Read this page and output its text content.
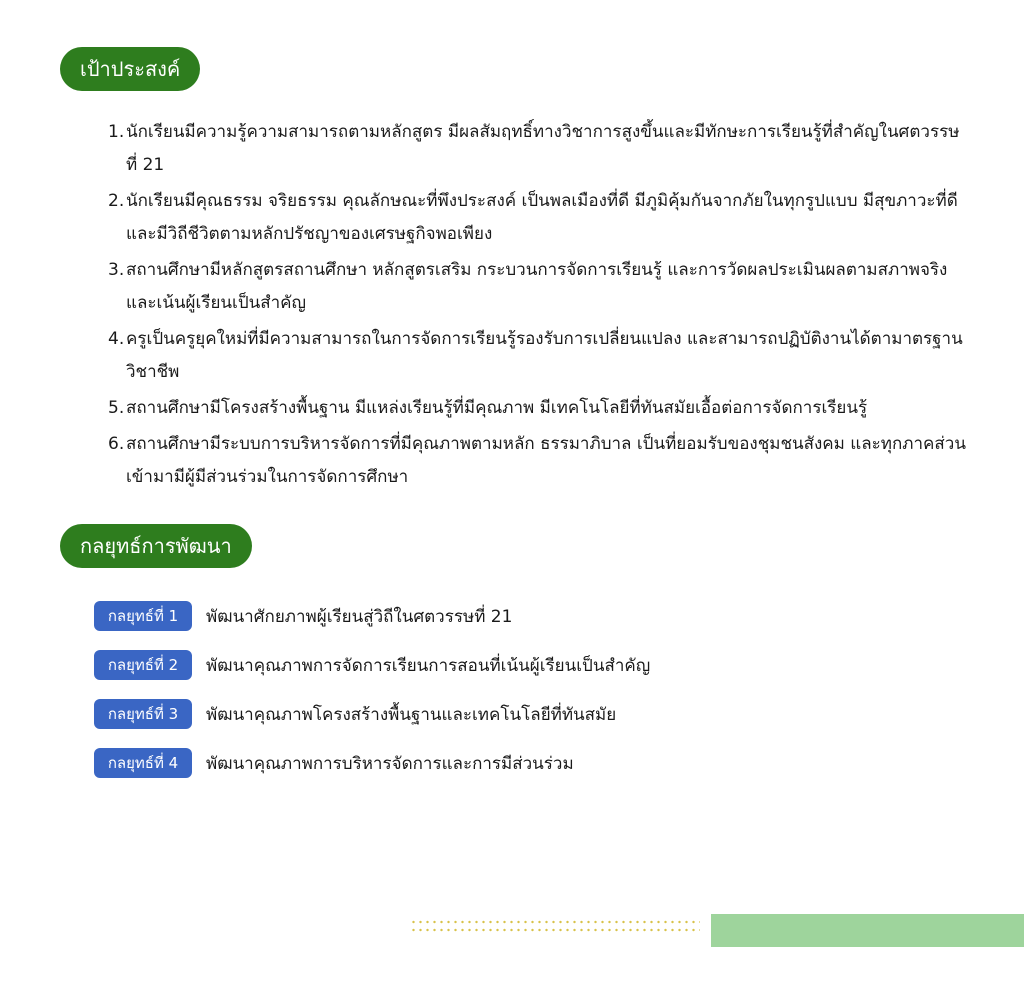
เป้าประสงค์
1. นักเรียนมีความรู้ความสามารถตามหลักสูตร มีผลสัมฤทธิ์ทางวิชาการสูงขึ้นและมีทักษะการเรียนรู้ที่สำคัญในศตวรรษที่ 21
2. นักเรียนมีคุณธรรม จริยธรรม คุณลักษณะที่พึงประสงค์ เป็นพลเมืองที่ดี มีภูมิคุ้มกันจากภัยในทุกรูปแบบ มีสุขภาวะที่ดี และมีวิถีชีวิตตามหลักปรัชญาของเศรษฐกิจพอเพียง
3. สถานศึกษามีหลักสูตรสถานศึกษา หลักสูตรเสริม กระบวนการจัดการเรียนรู้ และการวัดผลประเมินผลตามสภาพจริงและเน้นผู้เรียนเป็นสำคัญ
4. ครูเป็นครูยุคใหม่ที่มีความสามารถในการจัดการเรียนรู้รองรับการเปลี่ยนแปลง และสามารถปฏิบัติงานได้ตามาตรฐานวิชาชีพ
5. สถานศึกษามีโครงสร้างพื้นฐาน มีแหล่งเรียนรู้ที่มีคุณภาพ มีเทคโนโลยีที่ทันสมัยเอื้อต่อการจัดการเรียนรู้
6. สถานศึกษามีระบบการบริหารจัดการที่มีคุณภาพตามหลัก ธรรมาภิบาล เป็นที่ยอมรับของชุมชนสังคม และทุกภาคส่วนเข้ามามีผู้มีส่วนร่วมในการจัดการศึกษา
กลยุทธ์การพัฒนา
กลยุทธ์ที่ 1	พัฒนาศักยภาพผู้เรียนสู่วิถีในศตวรรษที่ 21
กลยุทธ์ที่ 2	พัฒนาคุณภาพการจัดการเรียนการสอนที่เน้นผู้เรียนเป็นสำคัญ
กลยุทธ์ที่ 3	พัฒนาคุณภาพโครงสร้างพื้นฐานและเทคโนโลยีที่ทันสมัย
กลยุทธ์ที่ 4	พัฒนาคุณภาพการบริหารจัดการและการมีส่วนร่วม
